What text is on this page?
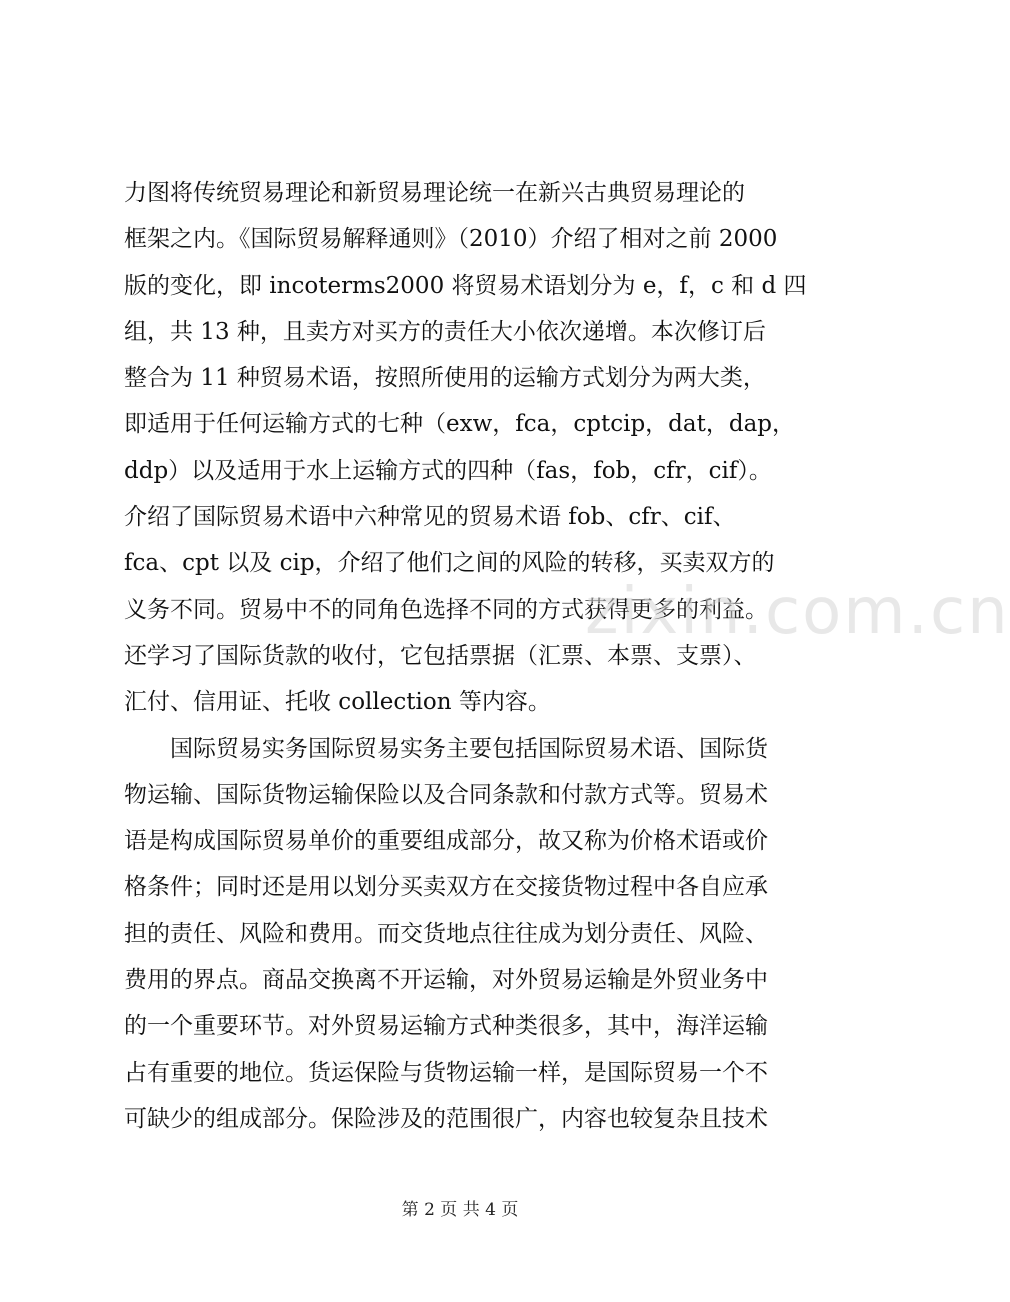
力图将传统贸易理论和新贸易理论统一在新兴古典贸易理论的
框架之内。《国际贸易解释通则》（2010）介绍了相对之前 2000
版的变化，即 incoterms2000 将贸易术语划分为 e，f，c 和 d 四
组，共 13 种，且卖方对买方的责任大小依次递增。本次修订后
整合为 11 种贸易术语，按照所使用的运输方式划分为两大类，
即适用于任何运输方式的七种（exw，fca，cptcip，dat，dap，
ddp）以及适用于水上运输方式的四种（fas，fob，cfr，cif）。
介绍了国际贸易术语中六种常见的贸易术语 fob、cfr、cif、
fca、cpt 以及 cip，介绍了他们之间的风险的转移，买卖双方的
义务不同。贸易中不的同角色选择不同的方式获得更多的利益。
还学习了国际货款的收付，它包括票据（汇票、本票、支票）、
汇付、信用证、托收 collection 等内容。
国际贸易实务国际贸易实务主要包括国际贸易术语、国际货
物运输、国际货物运输保险以及合同条款和付款方式等。贸易术
语是构成国际贸易单价的重要组成部分，故又称为价格术语或价
格条件；同时还是用以划分买卖双方在交接货物过程中各自应承
担的责任、风险和费用。而交货地点往往成为划分责任、风险、
费用的界点。商品交换离不开运输，对外贸易运输是外贸业务中
的一个重要环节。对外贸易运输方式种类很多，其中，海洋运输
占有重要的地位。货运保险与货物运输一样，是国际贸易一个不
可缺少的组成部分。保险涉及的范围很广，内容也较复杂且技术
zixin.com.cn
第 2 页 共 4 页
